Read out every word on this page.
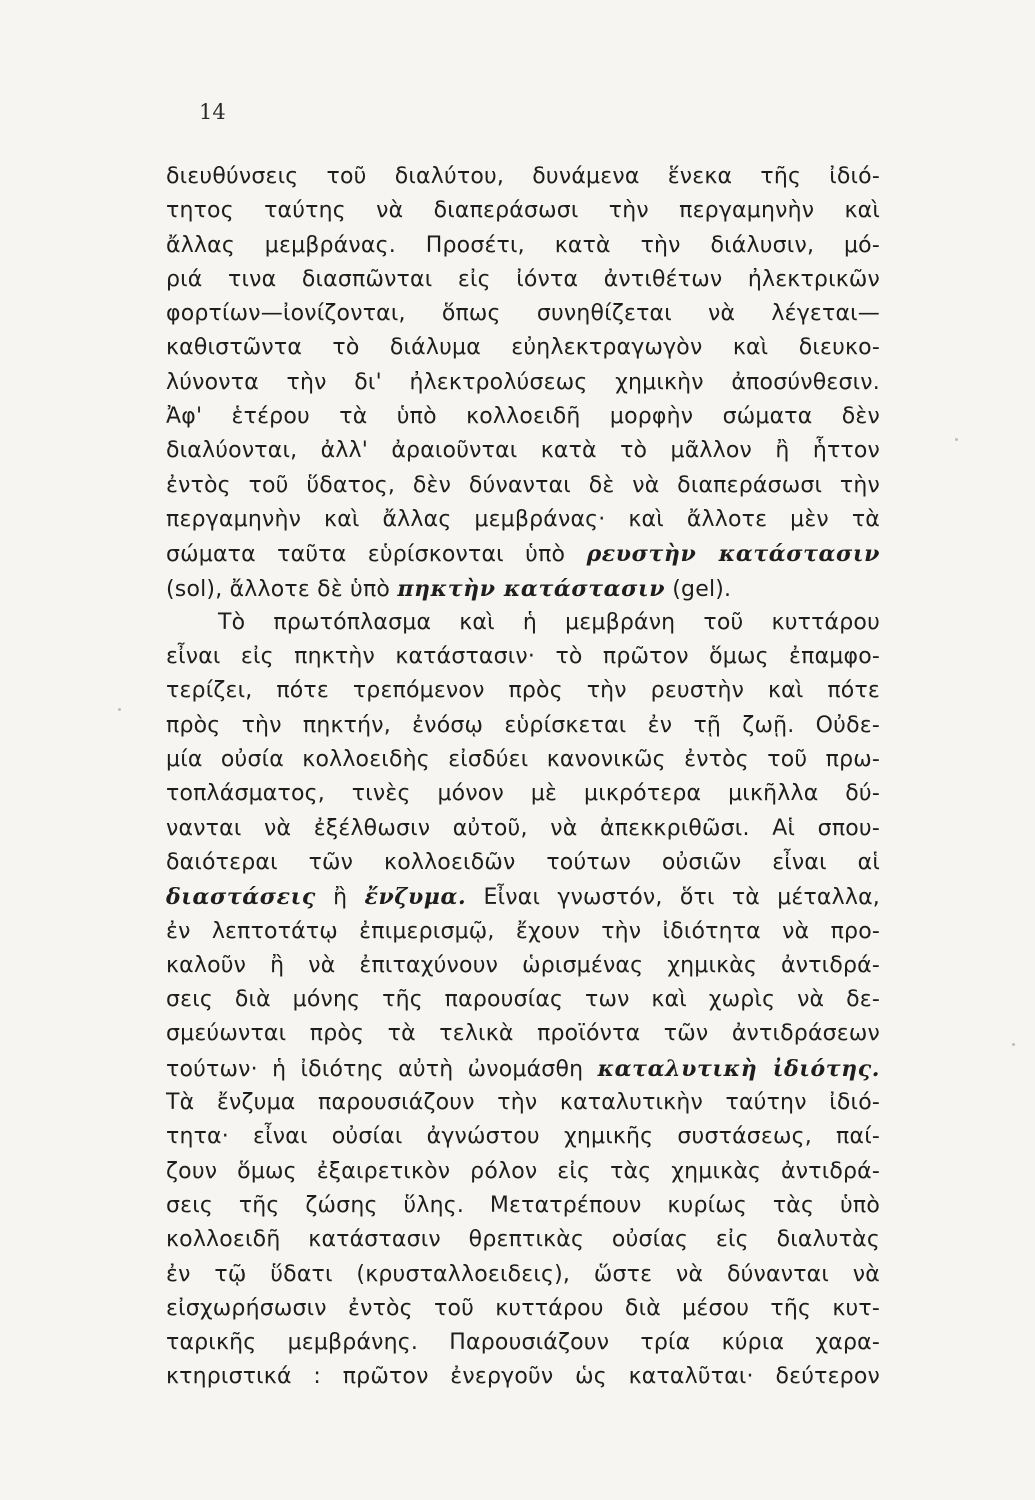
14
διευθύνσεις τοῦ διαλύτου, δυνάμενα ἕνεκα τῆς ἰδιό-
τητος ταύτης νὰ διαπεράσωσι τὴν περγαμηνὴν καὶ
ἄλλας μεμβράνας. Προσέτι, κατὰ τὴν διάλυσιν, μό-
ριά τινα διασπῶνται εἰς ἰόντα ἀντιθέτων ἠλεκτρικῶν
φορτίων—ἰονίζονται, ὅπως συνηθίζεται νὰ λέγεται—
καθιστῶντα τὸ διάλυμα εὐηλεκτραγωγὸν καὶ διευκο-
λύνοντα τὴν δι' ἠλεκτρολύσεως χημικὴν ἀποσύνθεσιν.
Ἀφ' ἑτέρου τὰ ὑπὸ κολλοειδῆ μορφὴν σώματα δὲν
διαλύονται, ἀλλ' ἀραιοῦνται κατὰ τὸ μᾶλλον ἢ ἧττον
ἐντὸς τοῦ ὕδατος, δὲν δύνανται δὲ νὰ διαπεράσωσι τὴν
περγαμηνὴν καὶ ἄλλας μεμβράνας· καὶ ἄλλοτε μὲν τὰ
σώματα ταῦτα εὑρίσκονται ὑπὸ ρευστὴν κατάστασιν
(sol), ἄλλοτε δὲ ὑπὸ πηκτὴν κατάστασιν (gel).
Τὸ πρωτόπλασμα καὶ ἡ μεμβράνη τοῦ κυττάρου
εἶναι εἰς πηκτὴν κατάστασιν· τὸ πρῶτον ὅμως ἐπαμφο-
τερίζει, πότε τρεπόμενον πρὸς τὴν ρευστὴν καὶ πότε
πρὸς τὴν πηκτήν, ἐνόσῳ εὑρίσκεται ἐν τῇ ζωῇ. Οὐδε-
μία οὐσία κολλοειδὴς εἰσδύει κανονικῶς ἐντὸς τοῦ πρω-
τοπλάσματος, τινὲς μόνον μὲ μικρότερα μικῆλλα δύ-
νανται νὰ ἐξέλθωσιν αὐτοῦ, νὰ ἀπεκκριθῶσι. Αἱ σπου-
δαιότεραι τῶν κολλοειδῶν τούτων οὐσιῶν εἶναι αἱ
διαστάσεις ἢ ἔνζυμα. Εἶναι γνωστόν, ὅτι τὰ μέταλλα,
ἐν λεπτοτάτῳ ἐπιμερισμῷ, ἔχουν τὴν ἰδιότητα νὰ προ-
καλοῦν ἢ νὰ ἐπιταχύνουν ὡρισμένας χημικὰς ἀντιδρά-
σεις διὰ μόνης τῆς παρουσίας των καὶ χωρὶς νὰ δε-
σμεύωνται πρὸς τὰ τελικὰ προϊόντα τῶν ἀντιδράσεων
τούτων· ἡ ἰδιότης αὐτὴ ὠνομάσθη καταλυτικὴ ἰδιότης.
Τὰ ἔνζυμα παρουσιάζουν τὴν καταλυτικὴν ταύτην ἰδιό-
τητα· εἶναι οὐσίαι ἀγνώστου χημικῆς συστάσεως, παί-
ζουν ὅμως ἐξαιρετικὸν ρόλον εἰς τὰς χημικὰς ἀντιδρά-
σεις τῆς ζώσης ὕλης. Μετατρέπουν κυρίως τὰς ὑπὸ
κολλοειδῆ κατάστασιν θρεπτικὰς οὐσίας εἰς διαλυτὰς
ἐν τῷ ὕδατι (κρυσταλλοειδεις), ὥστε νὰ δύνανται νὰ
εἰσχωρήσωσιν ἐντὸς τοῦ κυττάρου διὰ μέσου τῆς κυτ-
ταρικῆς μεμβράνης. Παρουσιάζουν τρία κύρια χαρα-
κτηριστικά : πρῶτον ἐνεργοῦν ὡς καταλῦται· δεύτερον
